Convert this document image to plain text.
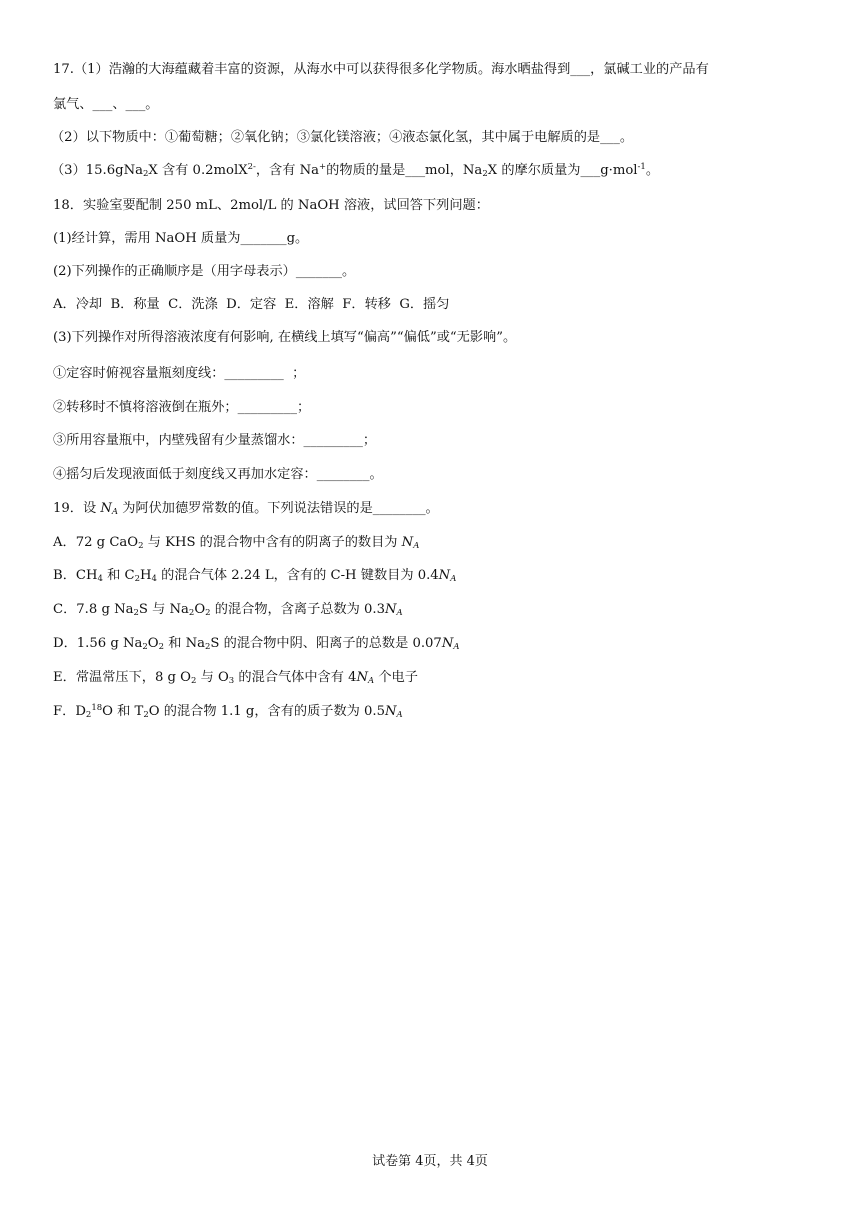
17.（1）浩瀚的大海蕴藏着丰富的资源，从海水中可以获得很多化学物质。海水晒盐得到___，氯碱工业的产品有
氯气、___、___。
（2）以下物质中：①葡萄糖；②氧化钠；③氯化镁溶液；④液态氯化氢，其中属于电解质的是___。
（3）15.6gNa$_2$X 含有 0.2molX$^{2-}$，含有 Na+的物质的量是___mol，$Na_2X$ 的摩尔质量为___g·mol$^{-1}$。
18．实验室要配制 250 mL、2mol/L 的 NaOH 溶液，试回答下列问题：
(1)经计算，需用 NaOH 质量为_______g。
(2)下列操作的正确顺序是（用字母表示）_______。
A．冷却  B．称量  C．洗涤  D．定容  E．溶解  F．转移  G．摇匀
(3)下列操作对所得溶液浓度有何影响, 在横线上填写“偏高”“偏低”或“无影响”。
①定容时俯视容量瓶刻度线：_________  ；
②转移时不慎将溶液倒在瓶外；_________；
③所用容量瓶中，内壁残留有少量蒸馏水：_________；
④摇匀后发现液面低于刻度线又再加水定容：________。
19．设 $N_A$ 为阿伏加德罗常数的值。下列说法错误的是________。
A．72 g CaO$_2$ 与 KHS 的混合物中含有的阴离子的数目为 $N_A$
B．$CH_4$ 和 $C_2H_4$ 的混合气体 2.24 L，含有的 C-H 键数目为 $0.4N_A$
C．7.8 g $Na_2S$ 与 $Na_2O_2$ 的混合物，含离子总数为 $0.3N_A$
D．1.56 g $Na_2O_2$ 和 $Na_2S$ 的混合物中阴、阳离子的总数是 $0.07N_A$
E．常温常压下，8 g $O_2$ 与 $O_3$ 的混合气体中含有 $4N_A$ 个电子
F．$D_2^{18}O$ 和 $T_2O$ 的混合物 1.1 g，含有的质子数为 $0.5N_A$
试卷第 4页，共 4页
